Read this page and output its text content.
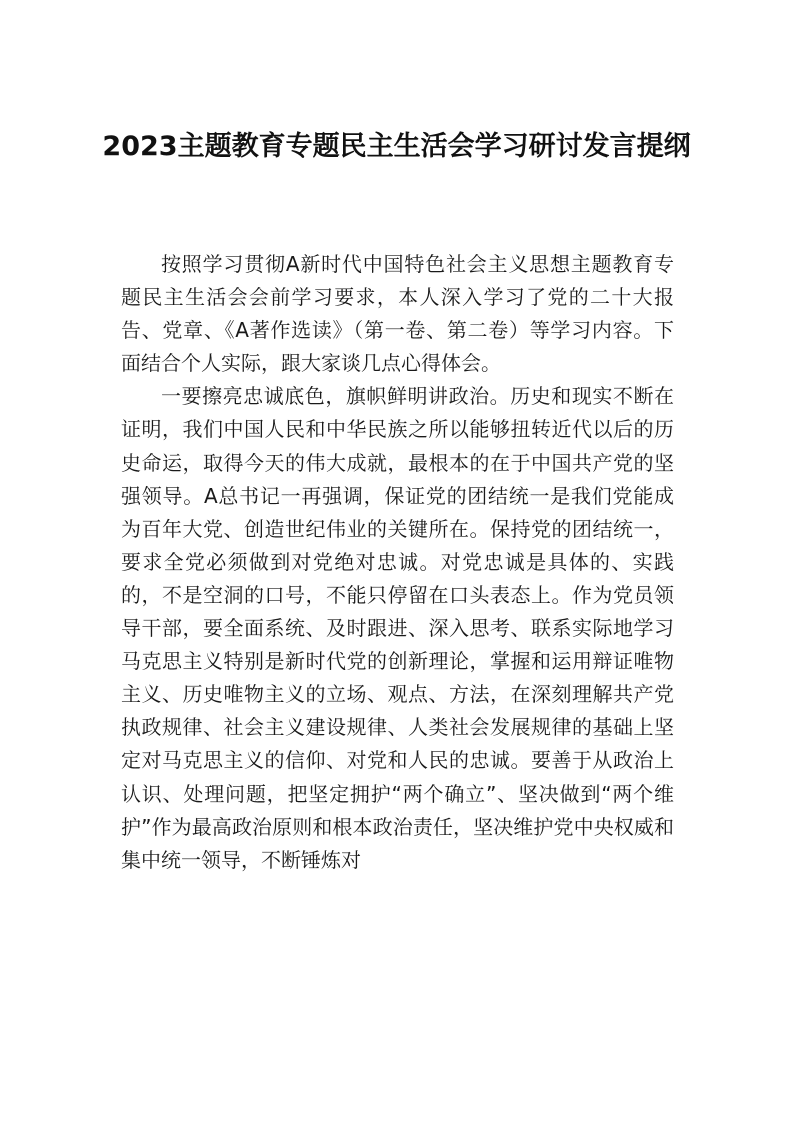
2023主题教育专题民主生活会学习研讨发言提纲

按照学习贯彻A新时代中国特色社会主义思想主题教育专题民主生活会会前学习要求，本人深入学习了党的二十大报告、党章、《A著作选读》（第一卷、第二卷）等学习内容。下面结合个人实际，跟大家谈几点心得体会。

一要擦亮忠诚底色，旗帜鲜明讲政治。历史和现实不断在证明，我们中国人民和中华民族之所以能够扭转近代以后的历史命运，取得今天的伟大成就，最根本的在于中国共产党的坚强领导。A总书记一再强调，保证党的团结统一是我们党能成为百年大党、创造世纪伟业的关键所在。保持党的团结统一，要求全党必须做到对党绝对忠诚。对党忠诚是具体的、实践的，不是空洞的口号，不能只停留在口头表态上。作为党员领导干部，要全面系统、及时跟进、深入思考、联系实际地学习马克思主义特别是新时代党的创新理论，掌握和运用辩证唯物主义、历史唯物主义的立场、观点、方法，在深刻理解共产党执政规律、社会主义建设规律、人类社会发展规律的基础上坚定对马克思主义的信仰、对党和人民的忠诚。要善于从政治上认识、处理问题，把坚定拥护“两个确立”、坚决做到“两个维护”作为最高政治原则和根本政治责任，坚决维护党中央权威和集中统一领导，不断锤炼对
